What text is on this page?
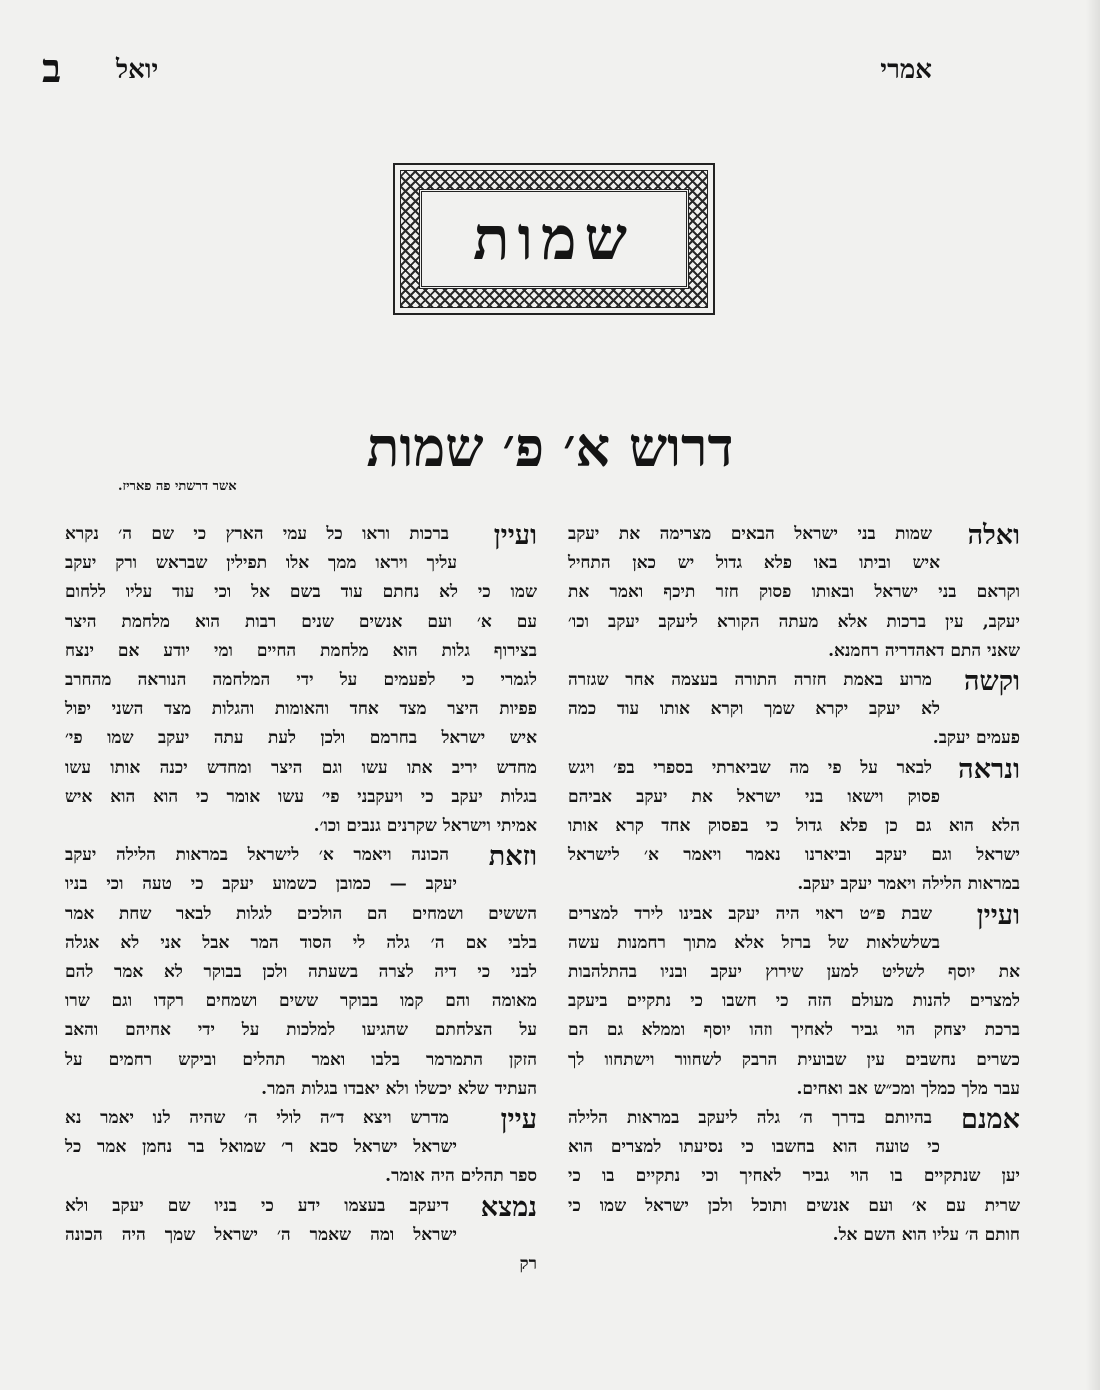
אמרי
יואל
ב
שמות
דרוש א׳ פ׳ שמות
אשר דרשתי פה פאריז.
ואלה
שמות בני ישראל הבאים מצרימה את יעקב
איש וביתו באו פלא גדול יש כאן התחיל
וקראם בני ישראל ובאותו פסוק חזר תיכף ואמר את
יעקב, עין ברכות אלא מעתה הקורא ליעקב יעקב וכו׳
שאני התם דאהדריה רחמנא.
וקשה
מרוע באמת חזרה התורה בעצמה אחר שגזרה
לא יעקב יקרא שמך וקרא אותו עוד כמה
פעמים יעקב.
ונראה
לבאר על פי מה שביארתי בספרי בפ׳ ויגש
פסוק וישאו בני ישראל את יעקב אביהם
הלא הוא גם כן פלא גדול כי בפסוק אחד קרא אותו
ישראל וגם יעקב וביארנו נאמר ויאמר א׳ לישראל
במראות הלילה ויאמר יעקב יעקב.
ועיין
שבת פ״ט ראוי היה יעקב אבינו לירד למצרים
בשלשלאות של ברזל אלא מתוך רחמנות עשה
את יוסף לשליט למען שירוץ יעקב ובניו בהתלהבות
למצרים להנות מעולם הזה כי חשבו כי נתקיים ביעקב
ברכת יצחק הוי גביר לאחיך וזהו יוסף וממלא גם הם
כשרים נחשבים עין שבועית הרבק לשחוור וישתחוו לך
עבר מלך כמלך ומכ״ש אב ואחים.
אמנם
בהיותם בדרך ה׳ גלה ליעקב במראות הלילה
כי טועה הוא בחשבו כי נסיעתו למצרים הוא
יען שנתקיים בו הוי גביר לאחיך וכי נתקיים בו כי
שרית עם א׳ ועם אנשים ותוכל ולכן ישראל שמו כי
חותם ה׳ עליו הוא השם אל.
ועיין
ברכות וראו כל עמי הארץ כי שם ה׳ נקרא
עליך ויראו ממך אלו תפילין שבראש ורק יעקב
שמו כי לא נחתם עוד בשם אל וכי עוד עליו ללחום
עם א׳ ועם אנשים שנים רבות הוא מלחמת היצר
בצירוף גלות הוא מלחמת החיים ומי יודע אם ינצח
לגמרי כי לפעמים על ידי המלחמה הנוראה מהחרב
פפיות היצר מצד אחד והאומות והגלות מצד השני יפול
איש ישראל בחרמם ולכן לעת עתה יעקב שמו פי׳
מחדש יריב אתו עשו וגם היצר ומחדש יכנה אותו עשו
בגלות יעקב כי ויעקבני פי׳ עשו אומר כי הוא הוא איש
אמיתי וישראל שקרנים גנבים וכו׳.
וזאת
הכונה ויאמר א׳ לישראל במראות הלילה יעקב
יעקב — כמובן כשמוע יעקב כי טעה וכי בניו
הששים ושמחים הם הולכים לגלות לבאר שחת אמר
בלבי אם ה׳ גלה לי הסוד המר אבל אני לא אגלה
לבני כי דיה לצרה בשעתה ולכן בבוקר לא אמר להם
מאומה והם קמו בבוקר ששים ושמחים רקדו וגם שרו
על הצלחתם שהגיעו למלכות על ידי אחיהם והאב
הזקן התמרמר בלבו ואמר תהלים וביקש רחמים על
העתיד שלא יכשלו ולא יאבדו בגלות המר.
עיין
מדרש ויצא ד״ה לולי ה׳ שהיה לנו יאמר נא
ישראל ישראל סבא ר׳ שמואל בר נחמן אמר כל
ספר תהלים היה אומר.
נמצא
דיעקב בעצמו ידע כי בניו שם יעקב ולא
ישראל ומה שאמר ה׳ ישראל שמך היה הכונה
רק
